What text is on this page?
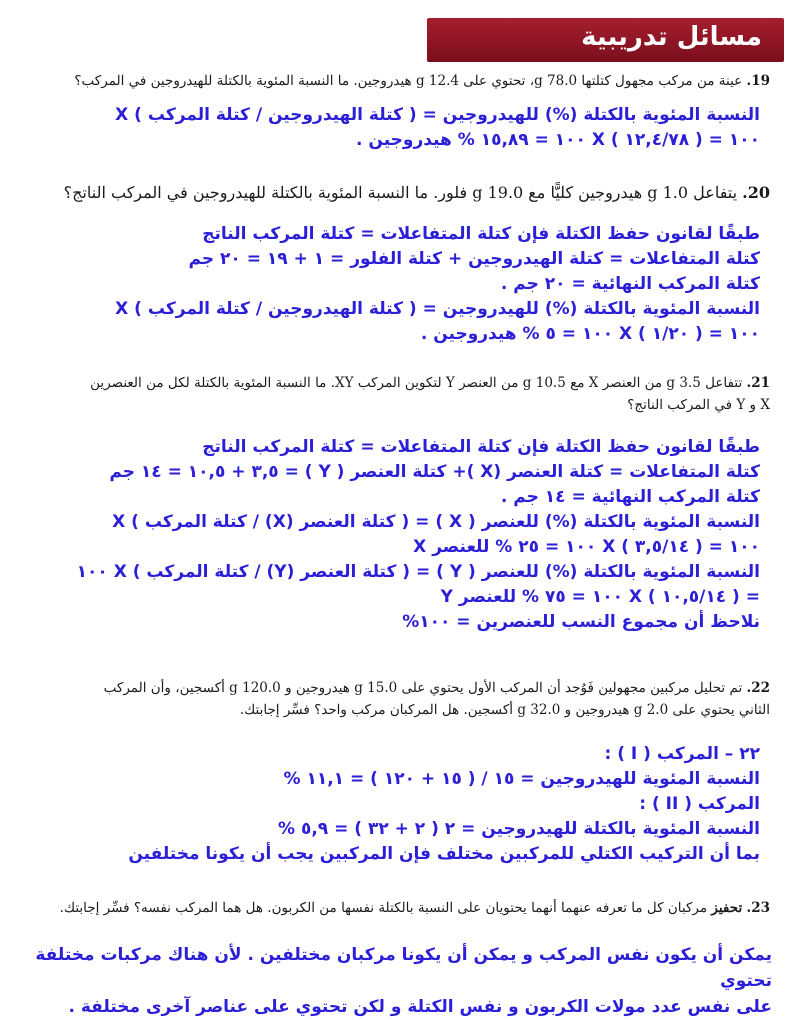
مسائل تدريبية
19. عينة من مركب مجهول كتلتها 78.0 g، تحتوي على 12.4 g هيدروجين. ما النسبة المئوية بالكتلة للهيدروجين في المركب؟
النسبة المئوية بالكتلة (%) للهيدروجين = ( كتلة الهيدروجين / كتلة المركب ) X
١٠٠ = ( ١٢,٤/٧٨ ) X ١٠٠ = ١٥,٨٩ % هيدروجين .
20. يتفاعل 1.0 g هيدروجين كليًّا مع 19.0 g فلور. ما النسبة المئوية بالكتلة للهيدروجين في المركب الناتج؟
طبقًا لقانون حفظ الكتلة فإن كتلة المتفاعلات = كتلة المركب الناتج
كتلة المتفاعلات = كتلة الهيدروجين + كتلة الفلور = ١ + ١٩ = ٢٠ جم
كتلة المركب النهائية = ٢٠ جم .
النسبة المئوية بالكتلة (%) للهيدروجين = ( كتلة الهيدروجين / كتلة المركب ) X
١٠٠ = ( ١/٢٠ ) X ١٠٠ = ٥ % هيدروجين .
21. تتفاعل 3.5 g من العنصر X مع 10.5 g من العنصر Y لتكوين المركب XY. ما النسبة المئوية بالكتلة لكل من العنصرين
X و Y في المركب الناتج؟
طبقًا لقانون حفظ الكتلة فإن كتلة المتفاعلات = كتلة المركب الناتج
كتلة المتفاعلات = كتلة العنصر (X )+ كتلة العنصر ( Y ) = ٣,٥ + ١٠,٥ = ١٤ جم
كتلة المركب النهائية = ١٤ جم .
النسبة المئوية بالكتلة (%) للعنصر ( X ) = ( كتلة العنصر (X) / كتلة المركب ) X
١٠٠ = ( ٣,٥/١٤ ) X ١٠٠ = ٢٥ % للعنصر X
النسبة المئوية بالكتلة (%) للعنصر ( Y ) = ( كتلة العنصر (Y) / كتلة المركب ) X ١٠٠
= ( ١٠,٥/١٤ ) X ١٠٠ = ٧٥ % للعنصر Y
نلاحظ أن مجموع النسب للعنصرين = ١٠٠%
22. تم تحليل مركبين مجهولين فَوُجد أن المركب الأول يحتوي على 15.0 g هيدروجين و 120.0 g أكسجين، وأن المركب
الثاني يحتوي على 2.0 g هيدروجين و 32.0 g أكسجين. هل المركبان مركب واحد؟ فسِّر إجابتك.
٢٢ – المركب ( I ) :
النسبة المئوية للهيدروجين = ١٥ / ( ١٥ + ١٢٠ ) = ١١,١ %
المركب ( II ) :
النسبة المئوية بالكتلة للهيدروجين = ٢ ( ٢ + ٣٢ ) = ٥,٩ %
بما أن التركيب الكتلي للمركبين مختلف فإن المركبين يجب أن يكونا مختلفين
23. تحفيز مركبان كل ما تعرفه عنهما أنهما يحتويان على النسبة بالكتلة نفسها من الكربون. هل هما المركب نفسه؟ فسِّر إجابتك.
يمكن أن يكون نفس المركب و يمكن أن يكونا مركبان مختلفين . لأن هناك مركبات مختلفة تحتوي
على نفس عدد مولات الكربون و نفس الكتلة و لكن تحتوي على عناصر آخرى مختلفة .
